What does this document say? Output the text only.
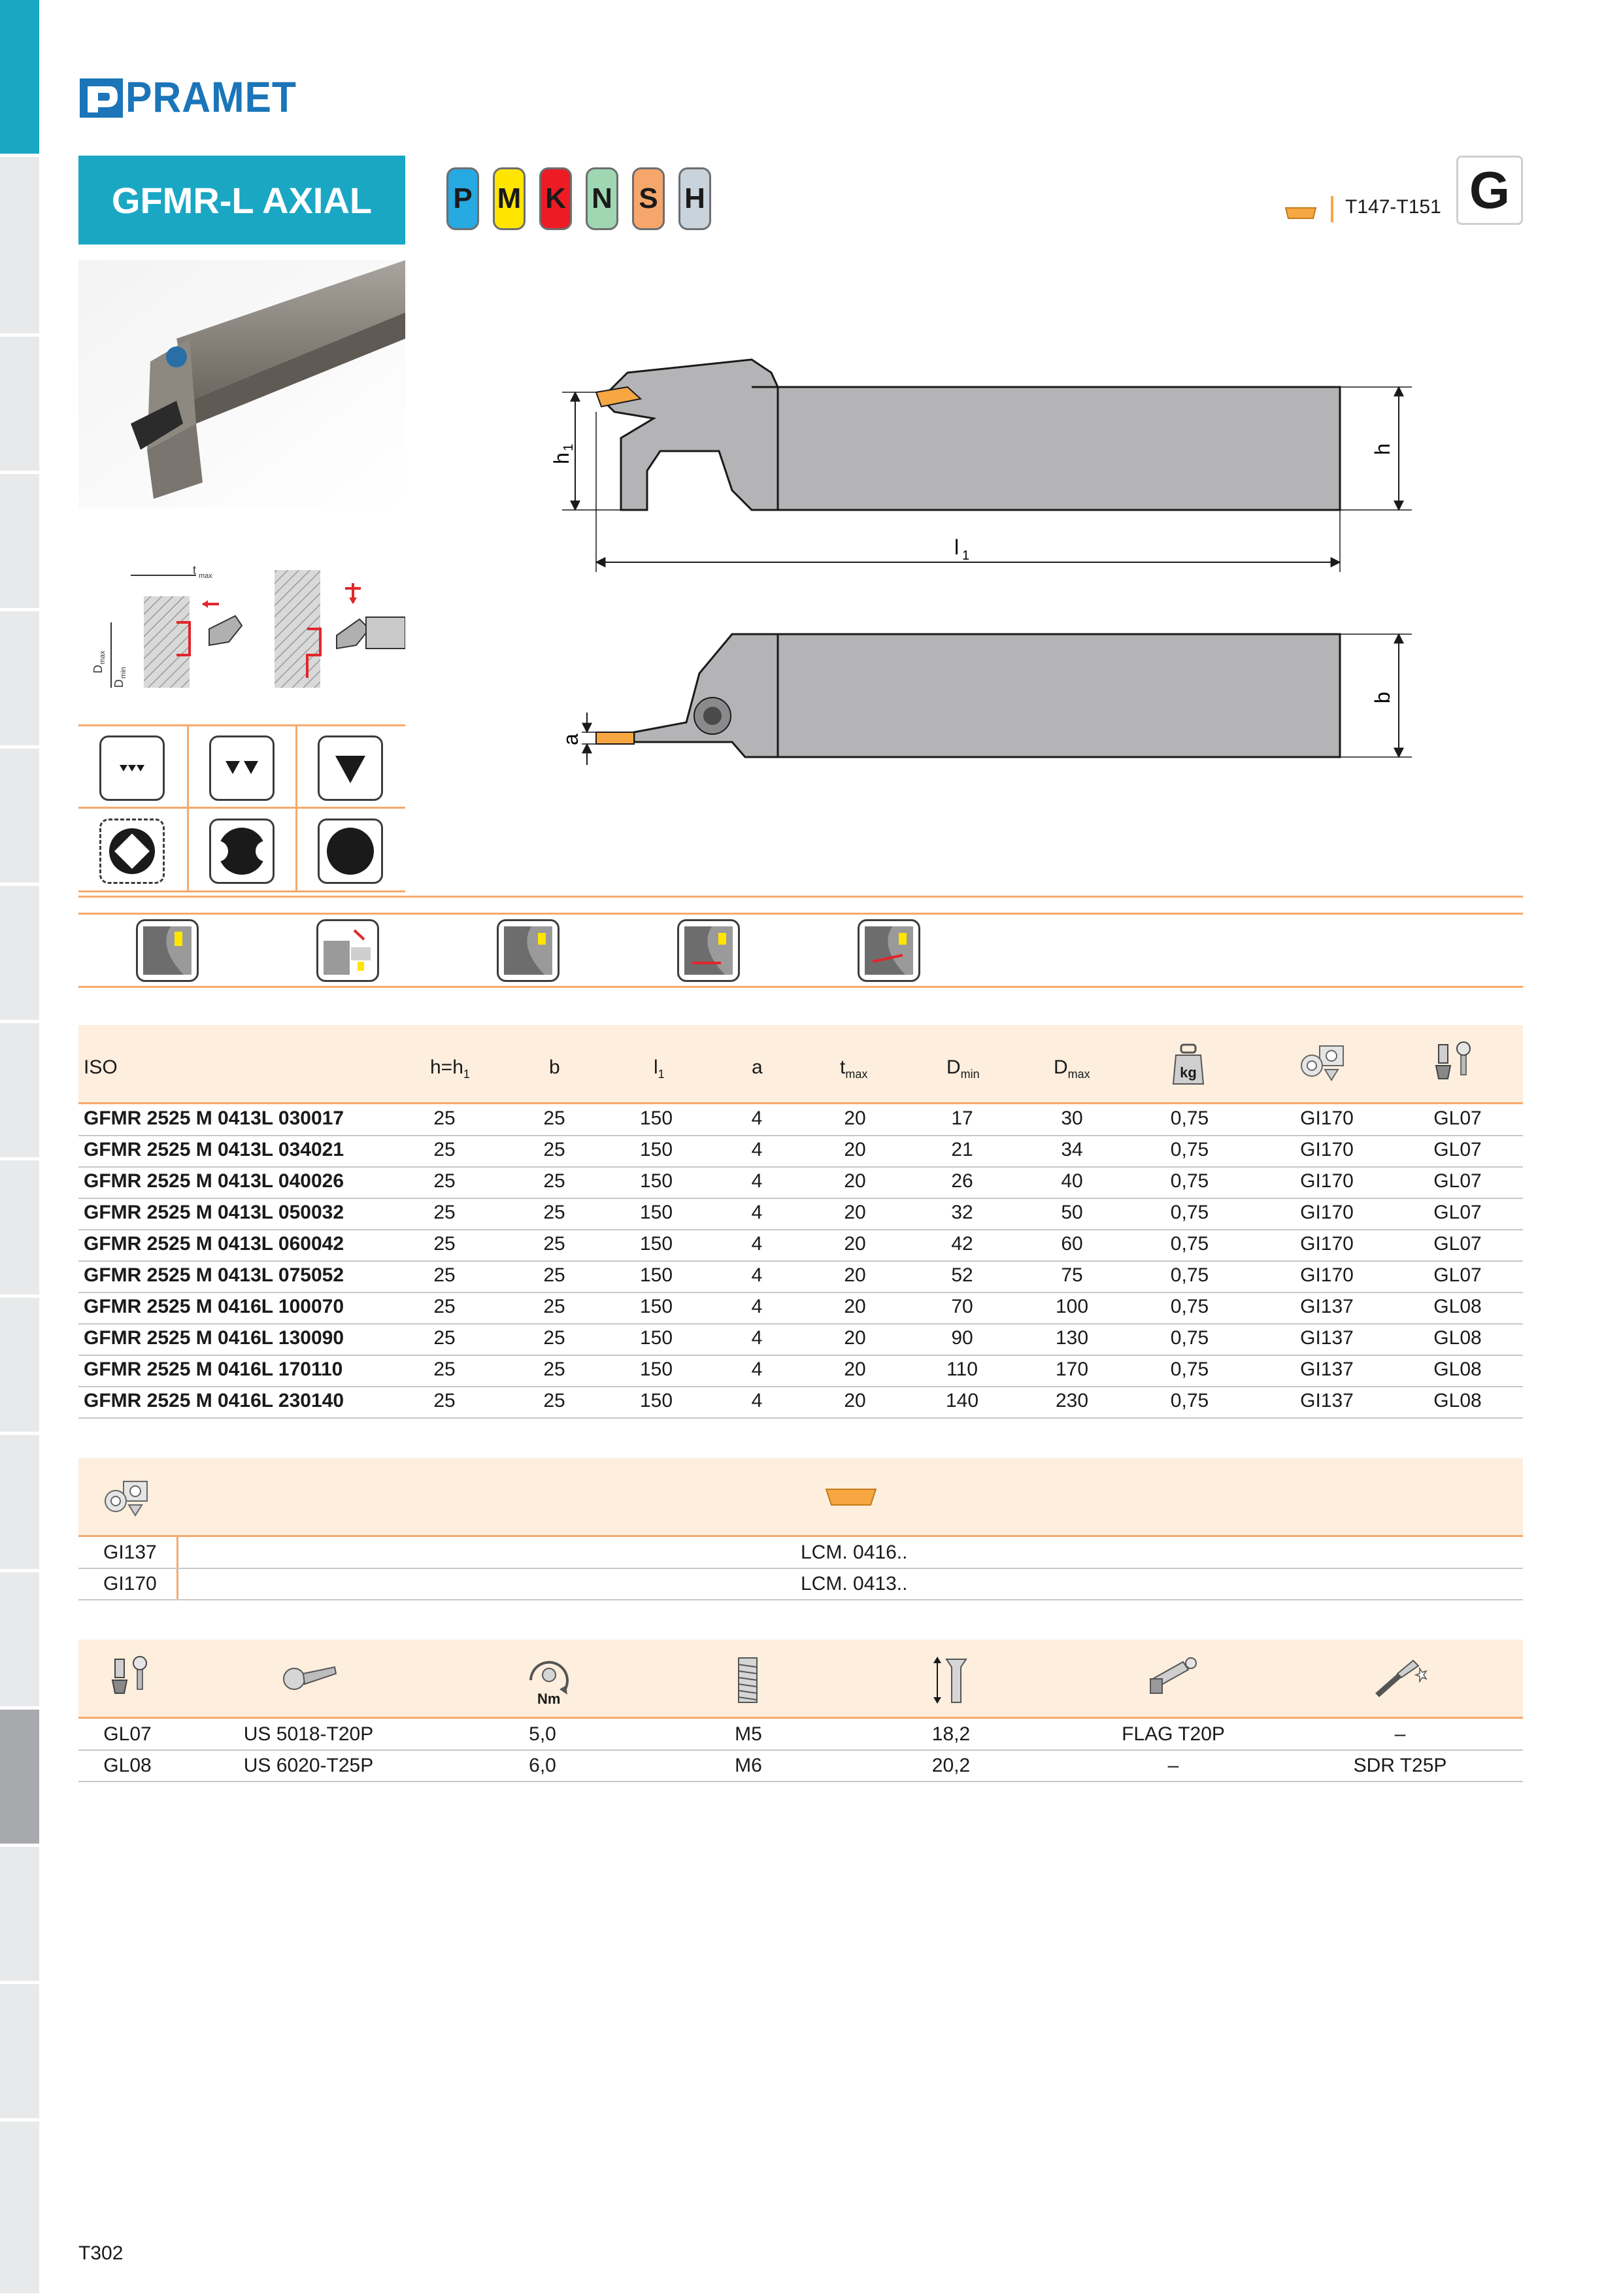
PRAMET
GFMR-L AXIAL	P M K N S H	T147-T151 G
t max
D
max
D
min
h
1	h
l 1
a
b
ISO	$h=h_1$	b	$l_1$	a	$t_{max}$	$D_{min}$	$D_{max}$	kg
GFMR 2525 M 0413L 030017	25	25	150	4	20	17	30	0,75	GI170	GL07
GFMR 2525 M 0413L 034021	25	25	150	4	20	21	34	0,75	GI170	GL07
GFMR 2525 M 0413L 040026	25	25	150	4	20	26	40	0,75	GI170	GL07
GFMR 2525 M 0413L 050032	25	25	150	4	20	32	50	0,75	GI170	GL07
GFMR 2525 M 0413L 060042	25	25	150	4	20	42	60	0,75	GI170	GL07
GFMR 2525 M 0413L 075052	25	25	150	4	20	52	75	0,75	GI170	GL07
GFMR 2525 M 0416L 100070	25	25	150	4	20	70	100	0,75	GI137	GL08
GFMR 2525 M 0416L 130090	25	25	150	4	20	90	130	0,75	GI137	GL08
GFMR 2525 M 0416L 170110	25	25	150	4	20	110	170	0,75	GI137	GL08
GFMR 2525 M 0416L 230140	25	25	150	4	20	140	230	0,75	GI137	GL08
GI137	LCM. 0416..
GI170	LCM. 0413..
Nm
GL07	US 5018-T20P	5,0	M5	18,2	FLAG T20P	–
GL08	US 6020-T25P	6,0	M6	20,2	–	SDR T25P
T302
